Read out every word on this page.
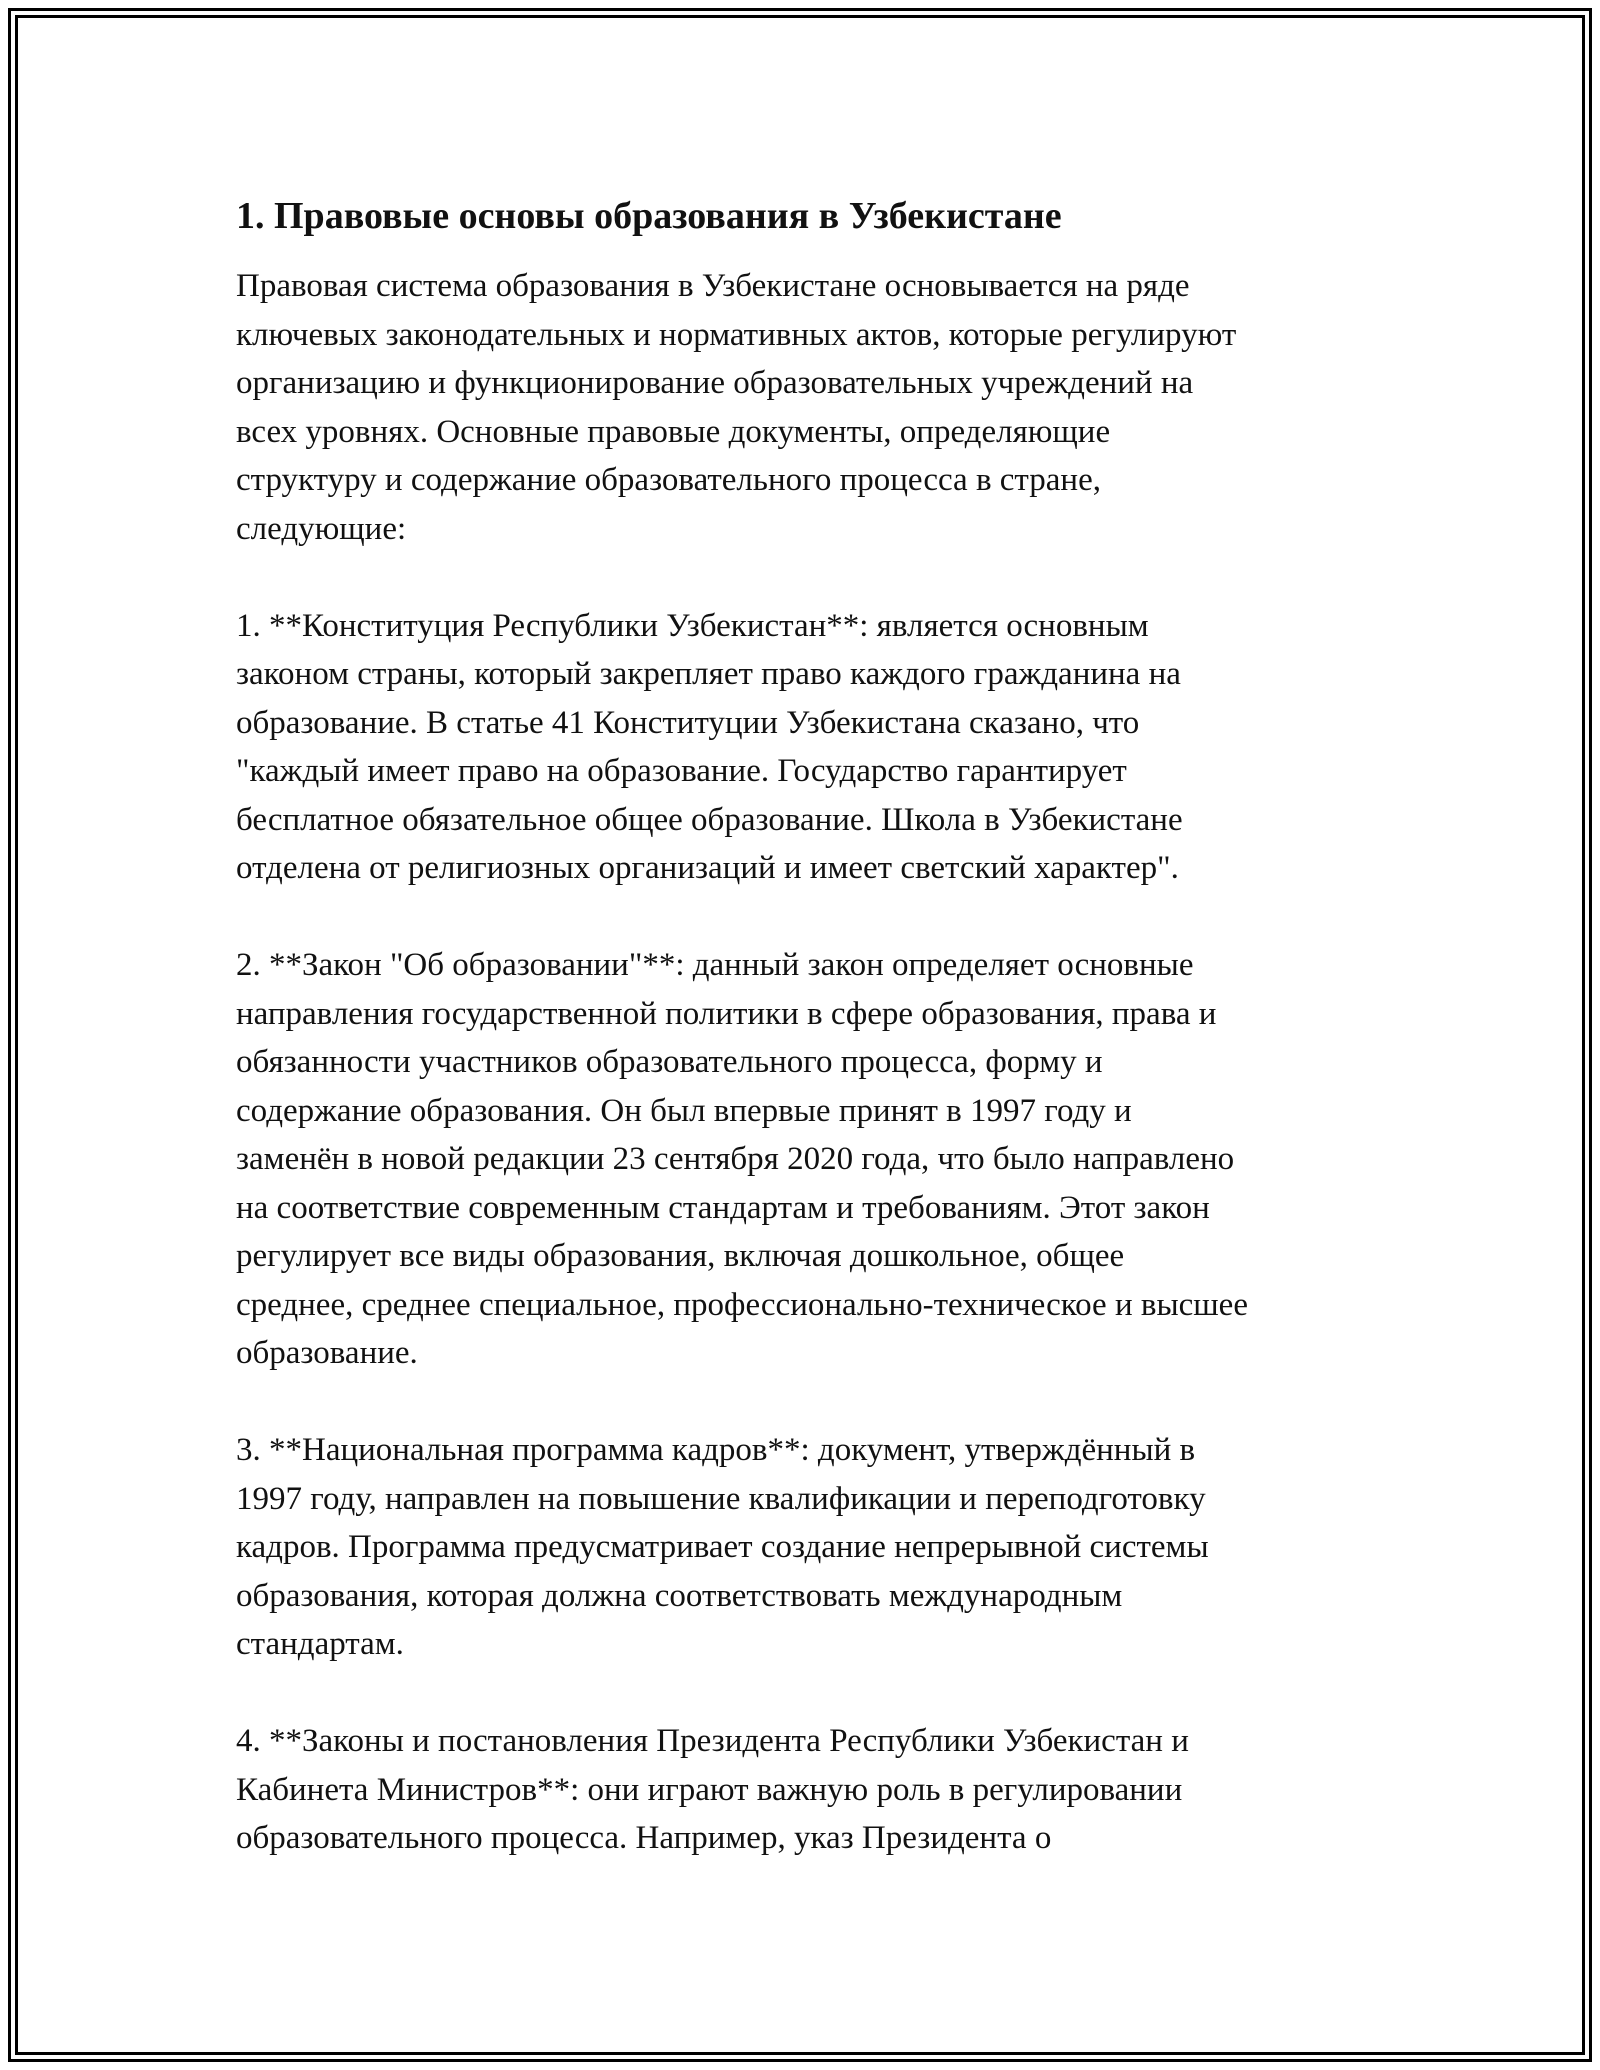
1. Правовые основы образования в Узбекистане

Правовая система образования в Узбекистане основывается на ряде
ключевых законодательных и нормативных актов, которые регулируют
организацию и функционирование образовательных учреждений на
всех уровнях. Основные правовые документы, определяющие
структуру и содержание образовательного процесса в стране,
следующие:

1. **Конституция Республики Узбекистан**: является основным
законом страны, который закрепляет право каждого гражданина на
образование. В статье 41 Конституции Узбекистана сказано, что
"каждый имеет право на образование. Государство гарантирует
бесплатное обязательное общее образование. Школа в Узбекистане
отделена от религиозных организаций и имеет светский характер".

2. **Закон "Об образовании"**: данный закон определяет основные
направления государственной политики в сфере образования, права и
обязанности участников образовательного процесса, форму и
содержание образования. Он был впервые принят в 1997 году и
заменён в новой редакции 23 сентября 2020 года, что было направлено
на соответствие современным стандартам и требованиям. Этот закон
регулирует все виды образования, включая дошкольное, общее
среднее, среднее специальное, профессионально-техническое и высшее
образование.

3. **Национальная программа кадров**: документ, утверждённый в
1997 году, направлен на повышение квалификации и переподготовку
кадров. Программа предусматривает создание непрерывной системы
образования, которая должна соответствовать международным
стандартам.

4. **Законы и постановления Президента Республики Узбекистан и
Кабинета Министров**: они играют важную роль в регулировании
образовательного процесса. Например, указ Президента о
